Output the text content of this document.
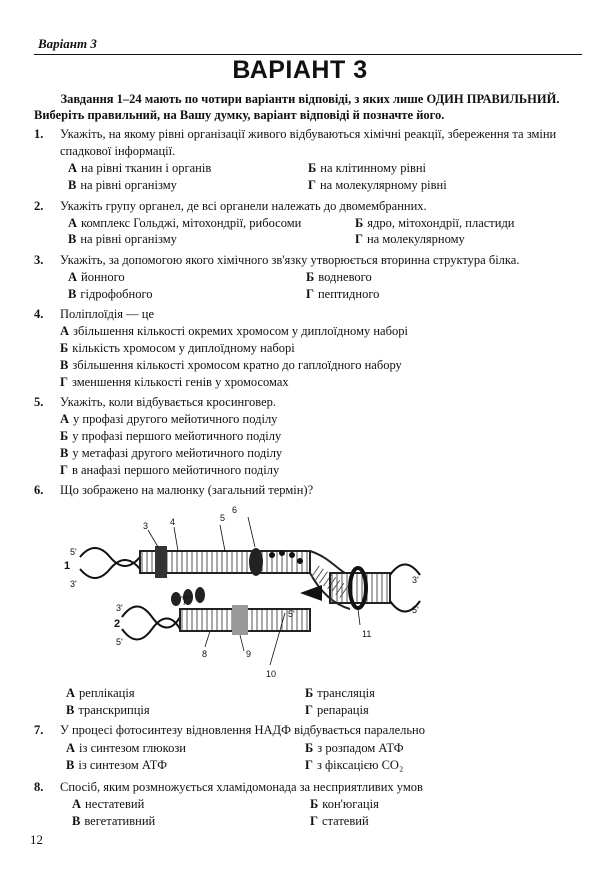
Варіант 3
ВАРІАНТ 3
Завдання 1–24 мають по чотири варіанти відповіді, з яких лише ОДИН ПРАВИЛЬНИЙ.
Виберіть правильний, на Вашу думку, варіант відповіді й позначте його.
1.	Укажіть, на якому рівні організації живого відбуваються хімічні реакції, збереження та зміни
спадкової інформації.
А на рівні тканин і органів	Б на клітинному рівні
В на рівні організму	Г на молекулярному рівні
2.	Укажіть групу органел, де всі органели належать до двомембранних.
А комплекс Гольджі, мітохондрії, рибосоми	Б ядро, мітохондрії, пластиди
В на рівні організму	Г на молекулярному
3.	Укажіть, за допомогою якого хімічного зв'язку утворюється вторинна структура білка.
А йонного	Б водневого
В гідрофобного	Г пептидного
4.	Поліплоїдія — це
А збільшення кількості окремих хромосом у диплоїдному наборі
Б кількість хромосом у диплоїдному наборі
В збільшення кількості хромосом кратно до гаплоїдного набору
Г зменшення кількості генів у хромосомах
5.	Укажіть, коли відбувається кросинговер.
А у профазі другого мейотичного поділу
Б у профазі першого мейотичного поділу
В у метафазі другого мейотичного поділу
Г в анафазі першого мейотичного поділу
6.	Що зображено на малюнку (загальний термін)?
3 4
6
5
1
2
5'
3'
3'
5'
3'
5'
7
8	9
10
11
5'
А реплікація	Б трансляція
В транскрипція	Г репарація
7.	У процесі фотосинтезу відновлення НАДФ відбувається паралельно
А із синтезом глюкози	Б з розпадом АТФ
В із синтезом АТФ	Г з фіксацією CO₂
8.	Спосіб, яким розмножується хламідомонада за несприятливих умов
А нестатевий	Б кон'югація
В вегетативний	Г статевий
12
